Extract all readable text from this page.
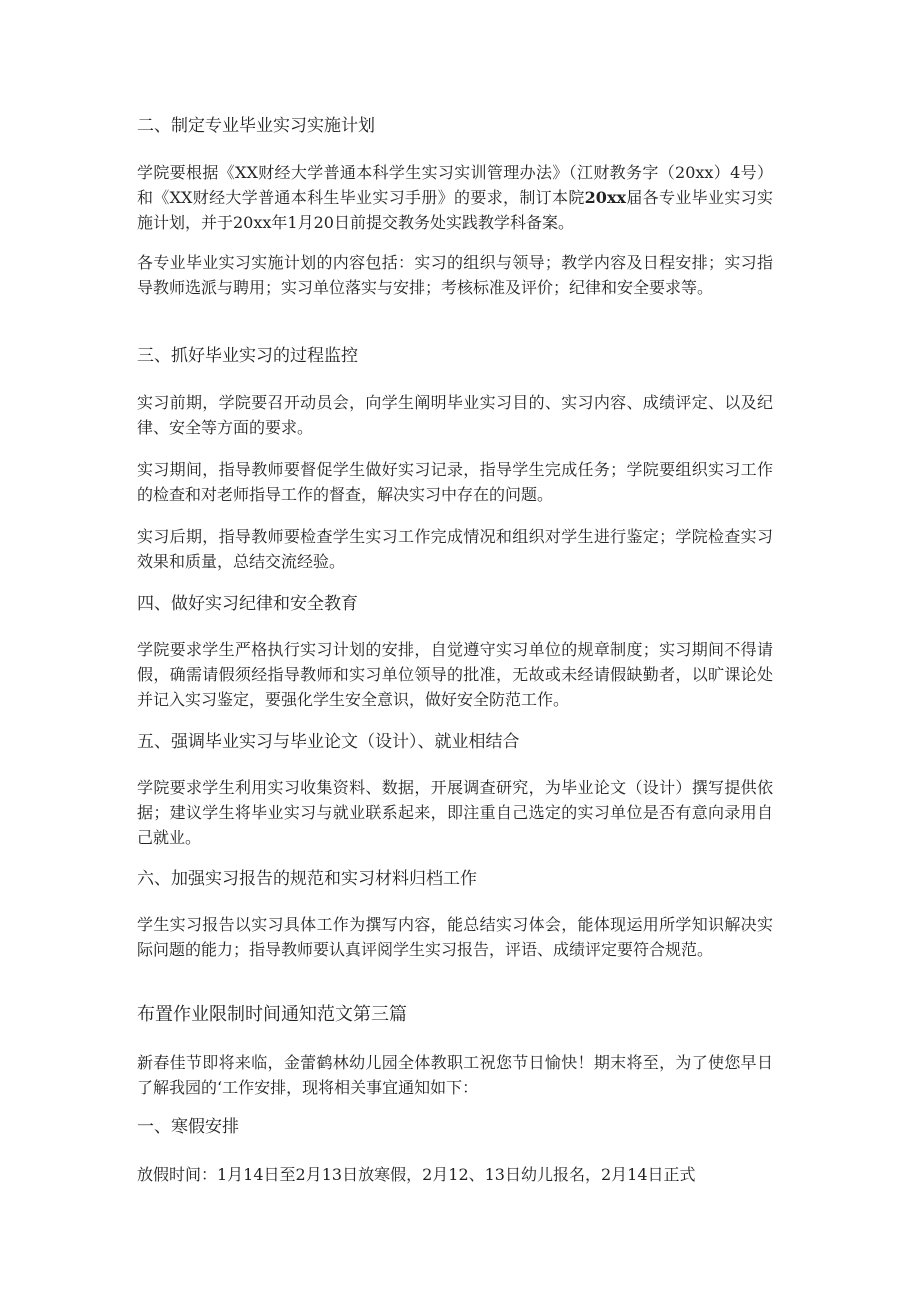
二、制定专业毕业实习实施计划

学院要根据《XX财经大学普通本科学生实习实训管理办法》（江财教务字（20xx）4号）和《XX财经大学普通本科生毕业实习手册》的要求，制订本院20xx届各专业毕业实习实施计划，并于20xx年1月20日前提交教务处实践教学科备案。

各专业毕业实习实施计划的内容包括：实习的组织与领导；教学内容及日程安排；实习指导教师选派与聘用；实习单位落实与安排；考核标准及评价；纪律和安全要求等。

三、抓好毕业实习的过程监控

实习前期，学院要召开动员会，向学生阐明毕业实习目的、实习内容、成绩评定、以及纪律、安全等方面的要求。

实习期间，指导教师要督促学生做好实习记录，指导学生完成任务；学院要组织实习工作的检查和对老师指导工作的督查，解决实习中存在的问题。

实习后期，指导教师要检查学生实习工作完成情况和组织对学生进行鉴定；学院检查实习效果和质量，总结交流经验。

四、做好实习纪律和安全教育

学院要求学生严格执行实习计划的安排，自觉遵守实习单位的规章制度；实习期间不得请假，确需请假须经指导教师和实习单位领导的批准，无故或未经请假缺勤者，以旷课论处并记入实习鉴定，要强化学生安全意识，做好安全防范工作。

五、强调毕业实习与毕业论文（设计）、就业相结合

学院要求学生利用实习收集资料、数据，开展调查研究，为毕业论文（设计）撰写提供依据；建议学生将毕业实习与就业联系起来，即注重自己选定的实习单位是否有意向录用自己就业。

六、加强实习报告的规范和实习材料归档工作

学生实习报告以实习具体工作为撰写内容，能总结实习体会，能体现运用所学知识解决实际问题的能力；指导教师要认真评阅学生实习报告，评语、成绩评定要符合规范。

布置作业限制时间通知范文第三篇

新春佳节即将来临，金蕾鹤林幼儿园全体教职工祝您节日愉快！期末将至，为了使您早日了解我园的‘工作安排，现将相关事宜通知如下：

一、寒假安排

放假时间：1月14日至2月13日放寒假，2月12、13日幼儿报名，2月14日正式
